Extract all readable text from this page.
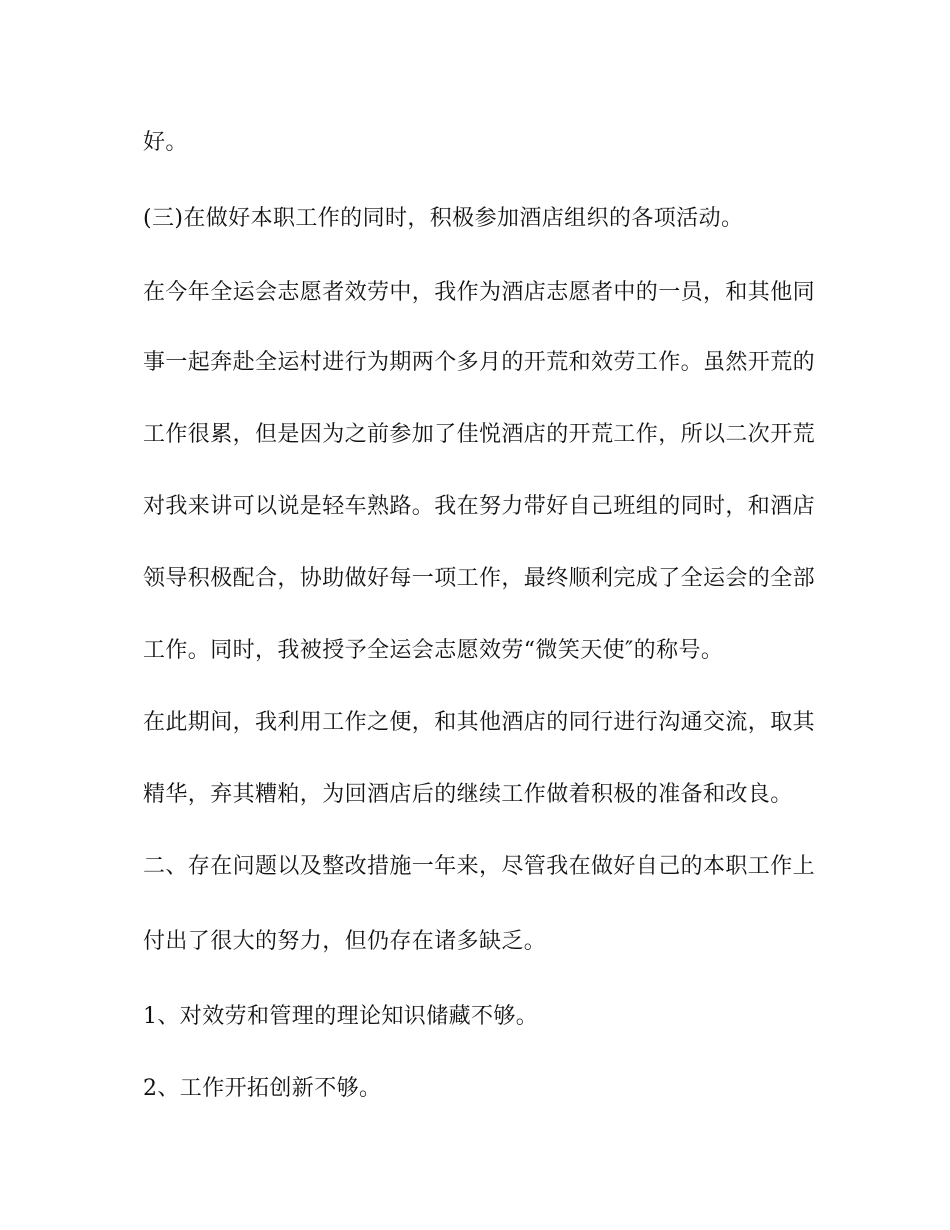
好。
(三)在做好本职工作的同时，积极参加酒店组织的各项活动。
在今年全运会志愿者效劳中，我作为酒店志愿者中的一员，和其他同
事一起奔赴全运村进行为期两个多月的开荒和效劳工作。虽然开荒的
工作很累，但是因为之前参加了佳悦酒店的开荒工作，所以二次开荒
对我来讲可以说是轻车熟路。我在努力带好自己班组的同时，和酒店
领导积极配合，协助做好每一项工作，最终顺利完成了全运会的全部
工作。同时，我被授予全运会志愿效劳“微笑天使″的称号。
在此期间，我利用工作之便，和其他酒店的同行进行沟通交流，取其
精华，弃其糟粕，为回酒店后的继续工作做着积极的准备和改良。
二、存在问题以及整改措施一年来，尽管我在做好自己的本职工作上
付出了很大的努力，但仍存在诸多缺乏。
1、对效劳和管理的理论知识储藏不够。
2、工作开拓创新不够。
